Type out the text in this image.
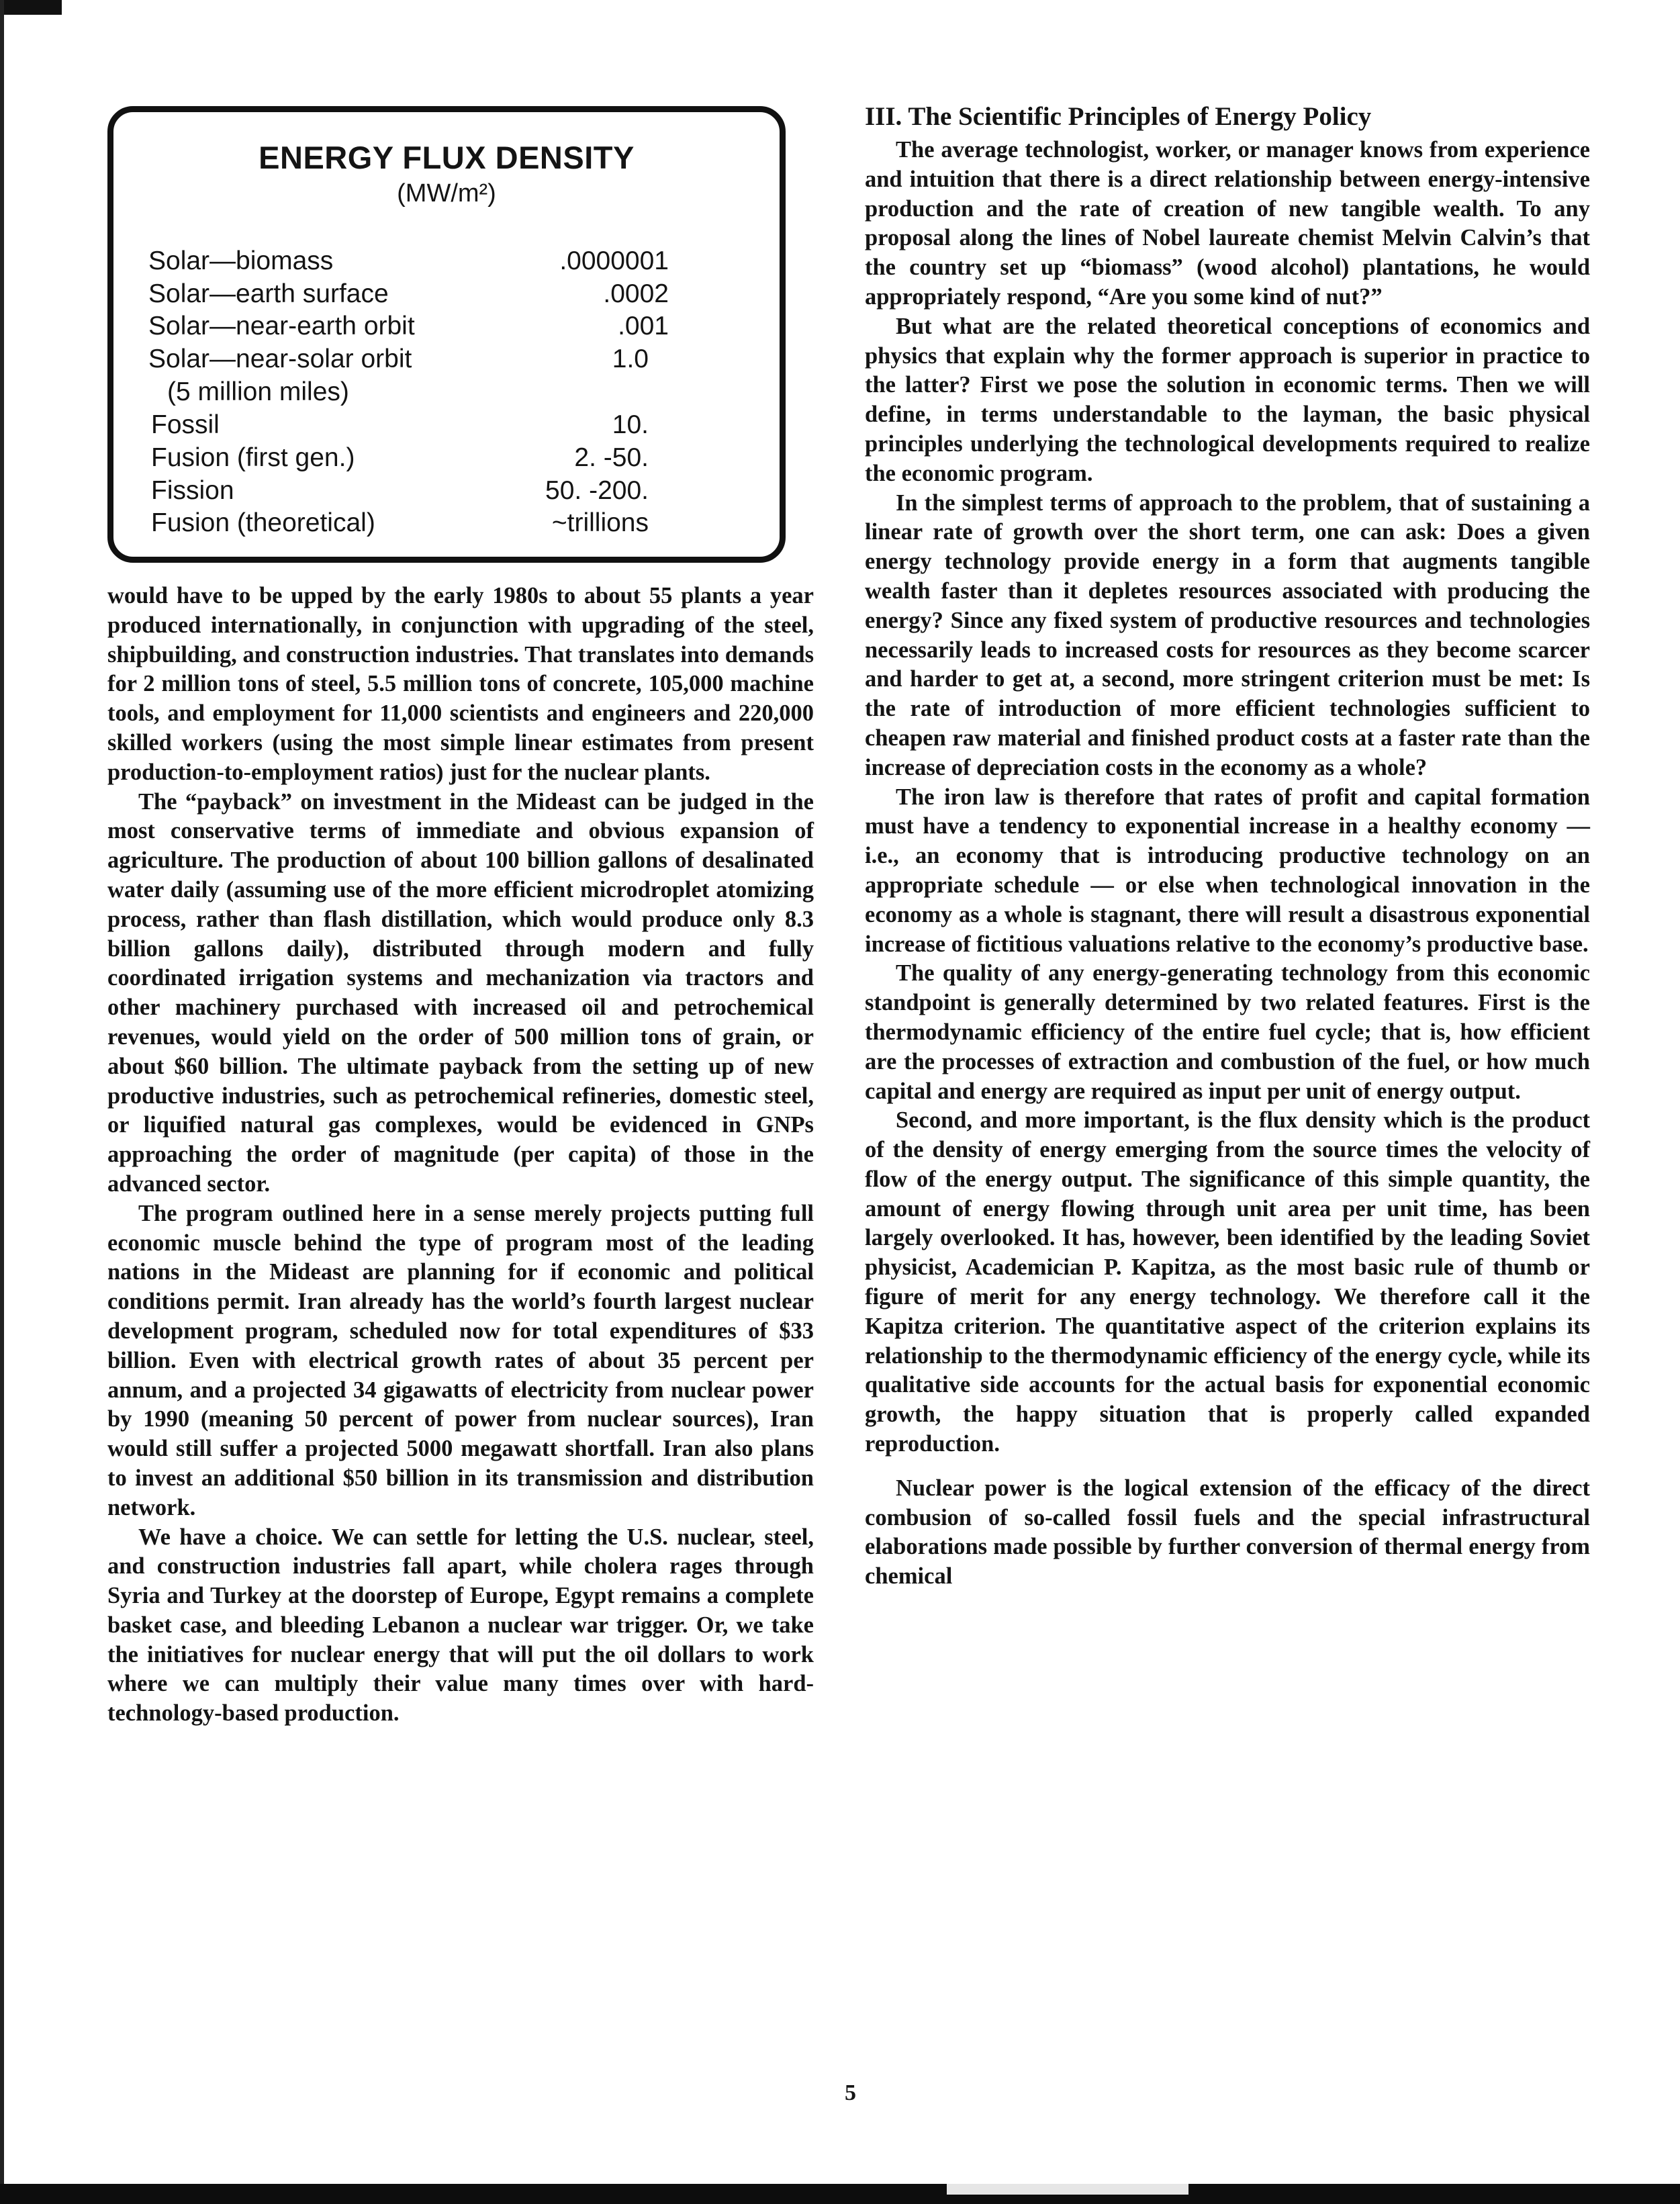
ENERGY FLUX DENSITY
(MW/m²)
Solar—biomass	.0000001
Solar—earth surface	.0002
Solar—near-earth orbit	.001
Solar—near-solar orbit	1.0
(5 million miles)
Fossil	10.
Fusion (first gen.)	2. -50.
Fission	50. -200.
Fusion (theoretical)	~trillions

would have to be upped by the early 1980s to about 55 plants a year produced internationally, in conjunction with upgrading of the steel, shipbuilding, and construction industries. That translates into demands for 2 million tons of steel, 5.5 million tons of concrete, 105,000 machine tools, and employment for 11,000 scientists and engineers and 220,000 skilled workers (using the most simple linear estimates from present production-to-employment ratios) just for the nuclear plants.

The “payback” on investment in the Mideast can be judged in the most conservative terms of immediate and obvious expansion of agriculture. The production of about 100 billion gallons of desalinated water daily (assuming use of the more efficient microdroplet atomizing process, rather than flash distillation, which would produce only 8.3 billion gallons daily), distributed through modern and fully coordinated irrigation systems and mechanization via tractors and other machinery purchased with increased oil and petrochemical revenues, would yield on the order of 500 million tons of grain, or about $60 billion. The ultimate payback from the setting up of new productive industries, such as petrochemical refineries, domestic steel, or liquified natural gas complexes, would be evidenced in GNPs approaching the order of magnitude (per capita) of those in the advanced sector.

The program outlined here in a sense merely projects putting full economic muscle behind the type of program most of the leading nations in the Mideast are planning for if economic and political conditions permit. Iran already has the world’s fourth largest nuclear development program, scheduled now for total expenditures of $33 billion. Even with electrical growth rates of about 35 percent per annum, and a projected 34 gigawatts of electricity from nuclear power by 1990 (meaning 50 percent of power from nuclear sources), Iran would still suffer a projected 5000 megawatt shortfall. Iran also plans to invest an additional $50 billion in its transmission and distribution network.

We have a choice. We can settle for letting the U.S. nuclear, steel, and construction industries fall apart, while cholera rages through Syria and Turkey at the doorstep of Europe, Egypt remains a complete basket case, and bleeding Lebanon a nuclear war trigger. Or, we take the initiatives for nuclear energy that will put the oil dollars to work where we can multiply their value many times over with hard-technology-based production.

III. The Scientific Principles of Energy Policy

The average technologist, worker, or manager knows from experience and intuition that there is a direct relationship between energy-intensive production and the rate of creation of new tangible wealth. To any proposal along the lines of Nobel laureate chemist Melvin Calvin’s that the country set up “biomass” (wood alcohol) plantations, he would appropriately respond, “Are you some kind of nut?”

But what are the related theoretical conceptions of economics and physics that explain why the former approach is superior in practice to the latter? First we pose the solution in economic terms. Then we will define, in terms understandable to the layman, the basic physical principles underlying the technological developments required to realize the economic program.

In the simplest terms of approach to the problem, that of sustaining a linear rate of growth over the short term, one can ask: Does a given energy technology provide energy in a form that augments tangible wealth faster than it depletes resources associated with producing the energy? Since any fixed system of productive resources and technologies necessarily leads to increased costs for resources as they become scarcer and harder to get at, a second, more stringent criterion must be met: Is the rate of introduction of more efficient technologies sufficient to cheapen raw material and finished product costs at a faster rate than the increase of depreciation costs in the economy as a whole?

The iron law is therefore that rates of profit and capital formation must have a tendency to exponential increase in a healthy economy — i.e., an economy that is introducing productive technology on an appropriate schedule — or else when technological innovation in the economy as a whole is stagnant, there will result a disastrous exponential increase of fictitious valuations relative to the economy’s productive base.

The quality of any energy-generating technology from this economic standpoint is generally determined by two related features. First is the thermodynamic efficiency of the entire fuel cycle; that is, how efficient are the processes of extraction and combustion of the fuel, or how much capital and energy are required as input per unit of energy output.

Second, and more important, is the flux density which is the product of the density of energy emerging from the source times the velocity of flow of the energy output. The significance of this simple quantity, the amount of energy flowing through unit area per unit time, has been largely overlooked. It has, however, been identified by the leading Soviet physicist, Academician P. Kapitza, as the most basic rule of thumb or figure of merit for any energy technology. We therefore call it the Kapitza criterion. The quantitative aspect of the criterion explains its relationship to the thermodynamic efficiency of the energy cycle, while its qualitative side accounts for the actual basis for exponential economic growth, the happy situation that is properly called expanded reproduction.

Nuclear power is the logical extension of the efficacy of the direct combusion of so-called fossil fuels and the special infrastructural elaborations made possible by further conversion of thermal energy from chemical

5
